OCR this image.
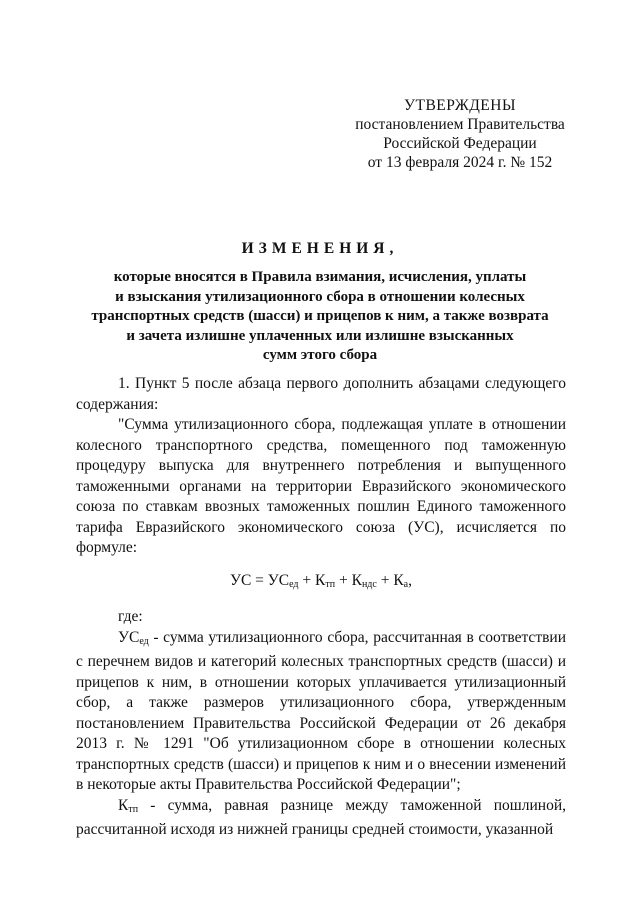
УТВЕРЖДЕНЫ
постановлением Правительства
Российской Федерации
от 13 февраля 2024 г. № 152
ИЗМЕНЕНИЯ,
которые вносятся в Правила взимания, исчисления, уплаты
и взыскания утилизационного сбора в отношении колесных
транспортных средств (шасси) и прицепов к ним, а также возврата
и зачета излишне уплаченных или излишне взысканных
сумм этого сбора

1. Пункт 5 после абзаца первого дополнить абзацами следующего содержания:

"Сумма утилизационного сбора, подлежащая уплате в отношении колесного транспортного средства, помещенного под таможенную процедуру выпуска для внутреннего потребления и выпущенного таможенными органами на территории Евразийского экономического союза по ставкам ввозных таможенных пошлин Единого таможенного тарифа Евразийского экономического союза (УС), исчисляется по формуле:

УС = $УС_{ед} + К_{тп} + К_{ндс} + К_а$,

где:

$УС_{ед}$ - сумма утилизационного сбора, рассчитанная в соответствии с перечнем видов и категорий колесных транспортных средств (шасси) и прицепов к ним, в отношении которых уплачивается утилизационный сбор, а также размеров утилизационного сбора, утвержденным постановлением Правительства Российской Федерации от 26 декабря 2013 г. № 1291 "Об утилизационном сборе в отношении колесных транспортных средств (шасси) и прицепов к ним и о внесении изменений в некоторые акты Правительства Российской Федерации";

$К_{тп}$ - сумма, равная разнице между таможенной пошлиной, рассчитанной исходя из нижней границы средней стоимости, указанной
